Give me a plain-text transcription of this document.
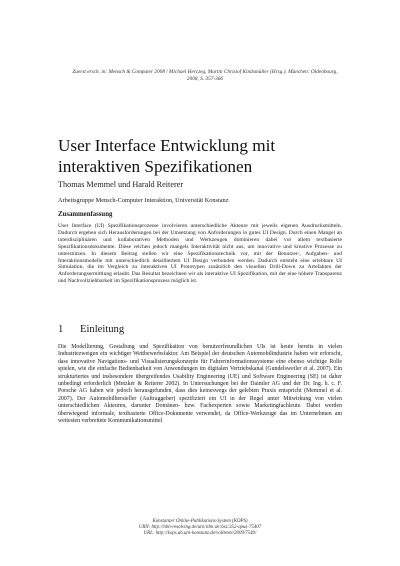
Zuerst ersch. in: Mensch & Computer 2008 / Michael Herczeg, Martin Christof Kindsmüller (Hrsg.). München: Oldenbourg, 2008, S. 357-366
User Interface Entwicklung mit
interaktiven Spezifikationen
Thomas Memmel und Harald Reiterer
Arbeitsgruppe Mensch-Computer Interaktion, Universität Konstanz
Zusammenfassung

User Interface (UI) Spezifikationsprozesse involvieren unterschiedliche Akteure mit jeweils eigenen Ausdrucksmitteln. Dadurch ergeben sich Herausforderungen bei der Umsetzung von Anforderungen in gutes UI Design. Durch einen Mangel an interdisziplinären und kollaborativen Methoden und Werkzeugen dominieren dabei vor allem textbasierte Spezifikationsdokumente. Diese reichen jedoch mangels Interaktivität nicht aus, um innovative und kreative Prozesse zu unterstützen. In diesem Beitrag stellen wir eine Spezifikationstechnik vor, mit der Benutzer-, Aufgaben- und Interaktionsmodelle mit unterschiedlich detailliertem UI Design verbunden werden. Dadurch entsteht eine erlebbare UI Simulation, die im Vergleich zu interaktiven UI Prototypen zusätzlich den visuellen Drill-Down zu Artefakten der Anforderungsermittlung erlaubt. Das Resultat bezeichnen wir als interaktive UI Spezifikation, mit der eine höhere Transparenz und Nachvollziehbarkeit im Spezifikationsprozess möglich ist.

1 Einleitung

Die Modellierung, Gestaltung und Spezifikation von benutzerfreundlichen UIs ist heute bereits in vielen Industriezweigen ein wichtiger Wettbewerbsfaktor. Am Beispiel der deutschen Automobilindustrie haben wir erforscht, dass innovative Navigations- und Visualisierungskonzepte für Fahrerinformationssysteme eine ebenso wichtige Rolle spielen, wie die einfache Bedienbarkeit von Anwendungen im digitalen Vertriebskanal (Gundelsweiler et al. 2007). Ein strukturiertes und insbesondere übergreifendes Usability Engineering (UE) und Software Engineering (SE) ist daher unbedingt erforderlich (Metzker & Reiterer 2002). In Untersuchungen bei der Daimler AG und der Dr. Ing. h. c. F. Porsche AG haben wir jedoch herausgefunden, dass dies keineswegs der gelebten Praxis entspricht (Memmel et al. 2007). Der Automobilhersteller (Auftraggeber) spezifiziert ein UI in der Regel unter Mitwirkung von vielen unterschiedlichen Akteuren, darunter Domänen- bzw. Fachexperten sowie Marketingfachleute. Dabei werden überwiegend informale, textbasierte Office-Dokumente verwendet, da Office-Werkzeuge das im Unternehmen am weitesten verbreitete Kommunikationsmittel

Konstanzer Online-Publikations-System (KOPS)
URN: http://nbn-resolving.de/urn:nbn:de:bsz:352-opus-75407
URL: http://kops.ub.uni-konstanz.de/volltexte/2009/7540/
